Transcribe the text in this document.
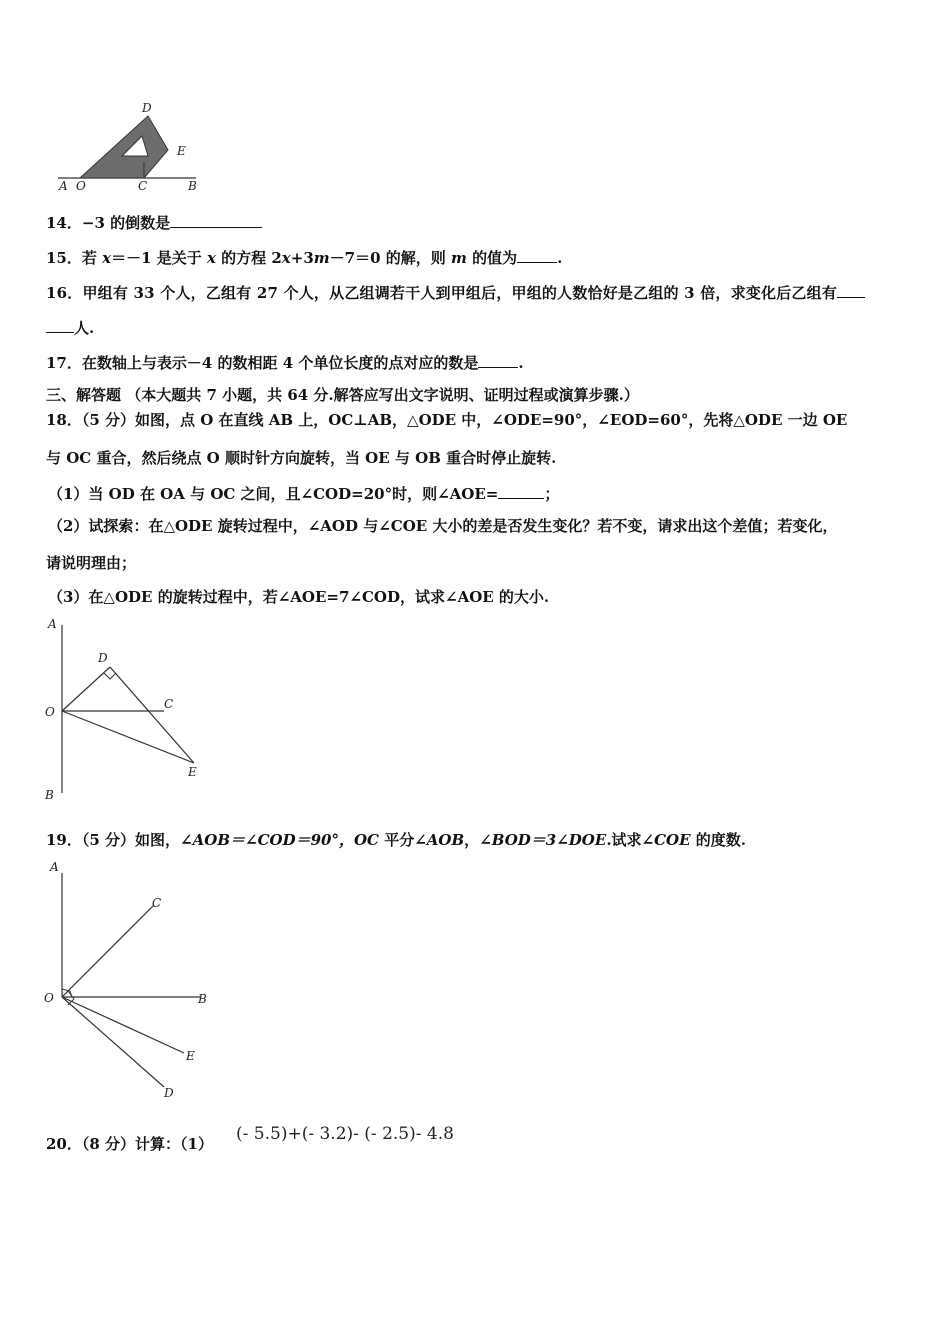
D
E
A O	C	B
14．−3 的倒数是
15．若 x＝－1 是关于 x 的方程 2x+3m－7＝0 的解，则 m 的值为	.
16．甲组有 33 个人，乙组有 27 个人，从乙组调若干人到甲组后，甲组的人数恰好是乙组的 3 倍，求变化后乙组有
人.
17．在数轴上与表示－4 的数相距 4 个单位长度的点对应的数是	.
三、解答题 （本大题共 7 小题，共 64 分.解答应写出文字说明、证明过程或演算步骤.）
18．（5 分）如图，点 O 在直线 AB 上，OC⊥AB，△ODE 中，∠ODE=90°，∠EOD=60°，先将△ODE 一边 OE
与 OC 重合，然后绕点 O 顺时针方向旋转，当 OE 与 OB 重合时停止旋转.
（1）当 OD 在 OA 与 OC 之间，且∠COD=20°时，则∠AOE=	；
（2）试探索：在△ODE 旋转过程中，∠AOD 与∠COE 大小的差是否发生变化？若不变，请求出这个差值；若变化，
请说明理由；
（3）在△ODE 的旋转过程中，若∠AOE=7∠COD，试求∠AOE 的大小.
A
D
O
C
E
B
19．（5 分）如图，∠AOB＝∠COD＝90°，OC 平分∠AOB，∠BOD＝3∠DOE.试求∠COE 的度数.
A
C
O	B
E
D
20．（8 分）计算：（1）	(- 5.5)+(- 3.2)- (- 2.5)- 4.8
